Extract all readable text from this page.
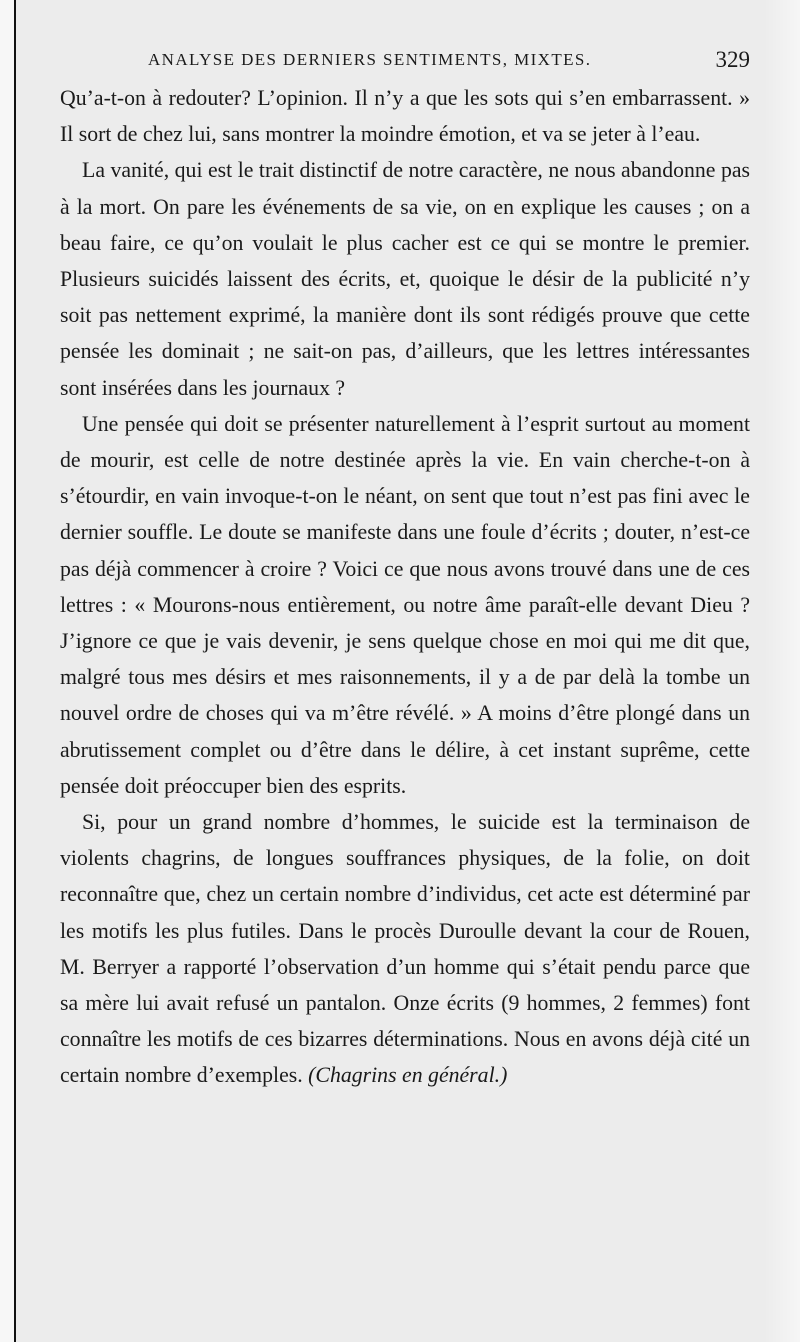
ANALYSE DES DERNIERS SENTIMENTS, MIXTES.	329

Qu’a-t-on à redouter? L’opinion. Il n’y a que les sots qui s’en embarrassent. » Il sort de chez lui, sans montrer la moindre émotion, et va se jeter à l’eau.

La vanité, qui est le trait distinctif de notre caractère, ne nous abandonne pas à la mort. On pare les événements de sa vie, on en explique les causes ; on a beau faire, ce qu’on voulait le plus cacher est ce qui se montre le premier. Plusieurs suicidés laissent des écrits, et, quoique le désir de la publicité n’y soit pas nettement exprimé, la manière dont ils sont rédigés prouve que cette pensée les dominait ; ne sait-on pas, d’ailleurs, que les lettres intéressantes sont insérées dans les journaux ?

Une pensée qui doit se présenter naturellement à l’esprit surtout au moment de mourir, est celle de notre destinée après la vie. En vain cherche-t-on à s’étourdir, en vain invoque-t-on le néant, on sent que tout n’est pas fini avec le dernier souffle. Le doute se manifeste dans une foule d’écrits ; douter, n’est-ce pas déjà commencer à croire ? Voici ce que nous avons trouvé dans une de ces lettres : « Mourons-nous entièrement, ou notre âme paraît-elle devant Dieu ? J’ignore ce que je vais devenir, je sens quelque chose en moi qui me dit que, malgré tous mes désirs et mes raisonnements, il y a de par delà la tombe un nouvel ordre de choses qui va m’être révélé. » A moins d’être plongé dans un abrutissement complet ou d’être dans le délire, à cet instant suprême, cette pensée doit préoccuper bien des esprits.

Si, pour un grand nombre d’hommes, le suicide est la terminaison de violents chagrins, de longues souffrances physiques, de la folie, on doit reconnaître que, chez un certain nombre d’individus, cet acte est déterminé par les motifs les plus futiles. Dans le procès Duroulle devant la cour de Rouen, M. Berryer a rapporté l’observation d’un homme qui s’était pendu parce que sa mère lui avait refusé un pantalon. Onze écrits (9 hommes, 2 femmes) font connaître les motifs de ces bizarres déterminations. Nous en avons déjà cité un certain nombre d’exemples. (Chagrins en général.)
